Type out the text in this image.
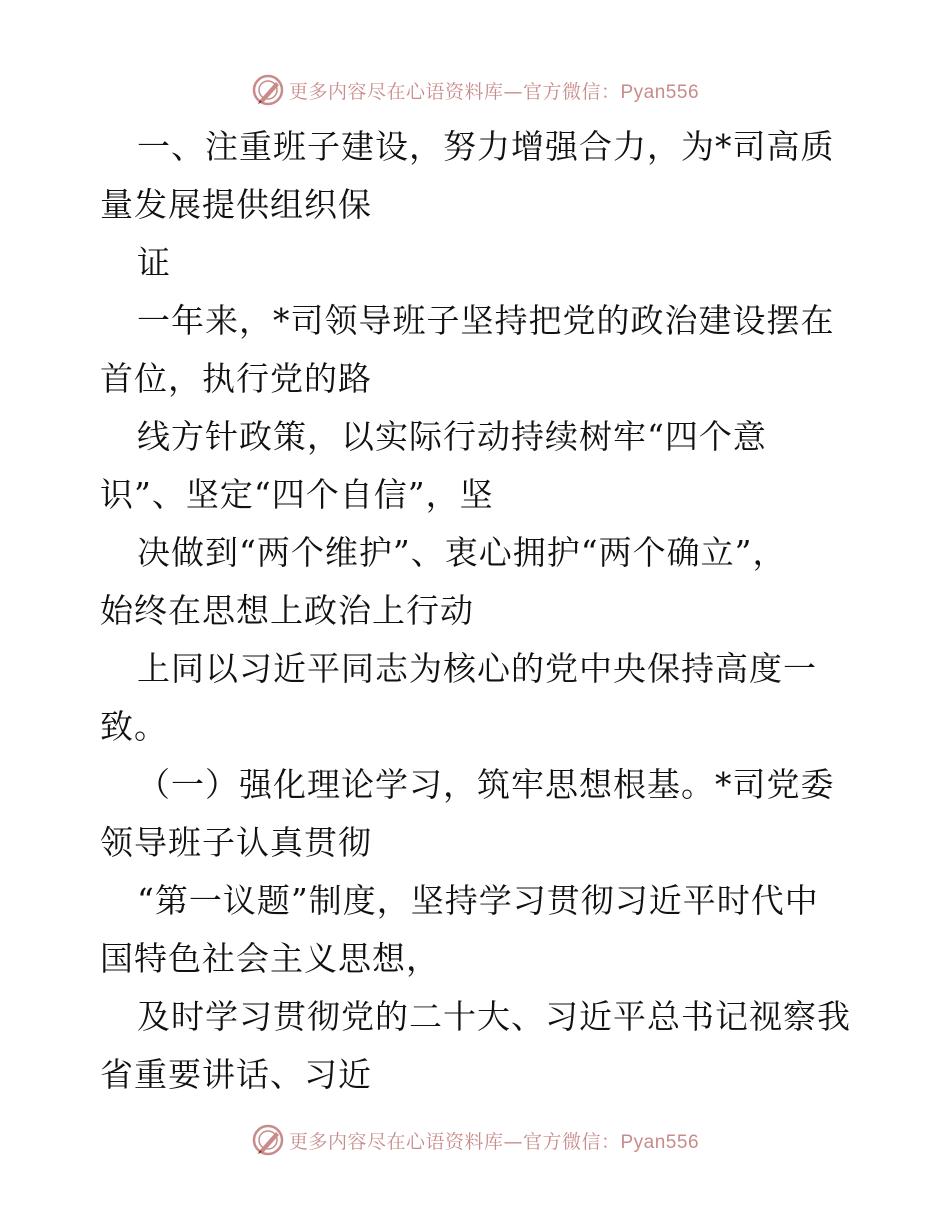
更多内容尽在心语资料库—官方微信：Pyan556
一、注重班子建设，努力增强合力，为*司高质
量发展提供组织保
证
一年来，*司领导班子坚持把党的政治建设摆在
首位，执行党的路
线方针政策，以实际行动持续树牢“四个意
识”、坚定“四个自信”，坚
决做到“两个维护”、衷心拥护“两个确立”，
始终在思想上政治上行动
上同以习近平同志为核心的党中央保持高度一
致。
（一）强化理论学习，筑牢思想根基。*司党委
领导班子认真贯彻
“第一议题”制度，坚持学习贯彻习近平时代中
国特色社会主义思想，
及时学习贯彻党的二十大、习近平总书记视察我
省重要讲话、习近
更多内容尽在心语资料库—官方微信：Pyan556
